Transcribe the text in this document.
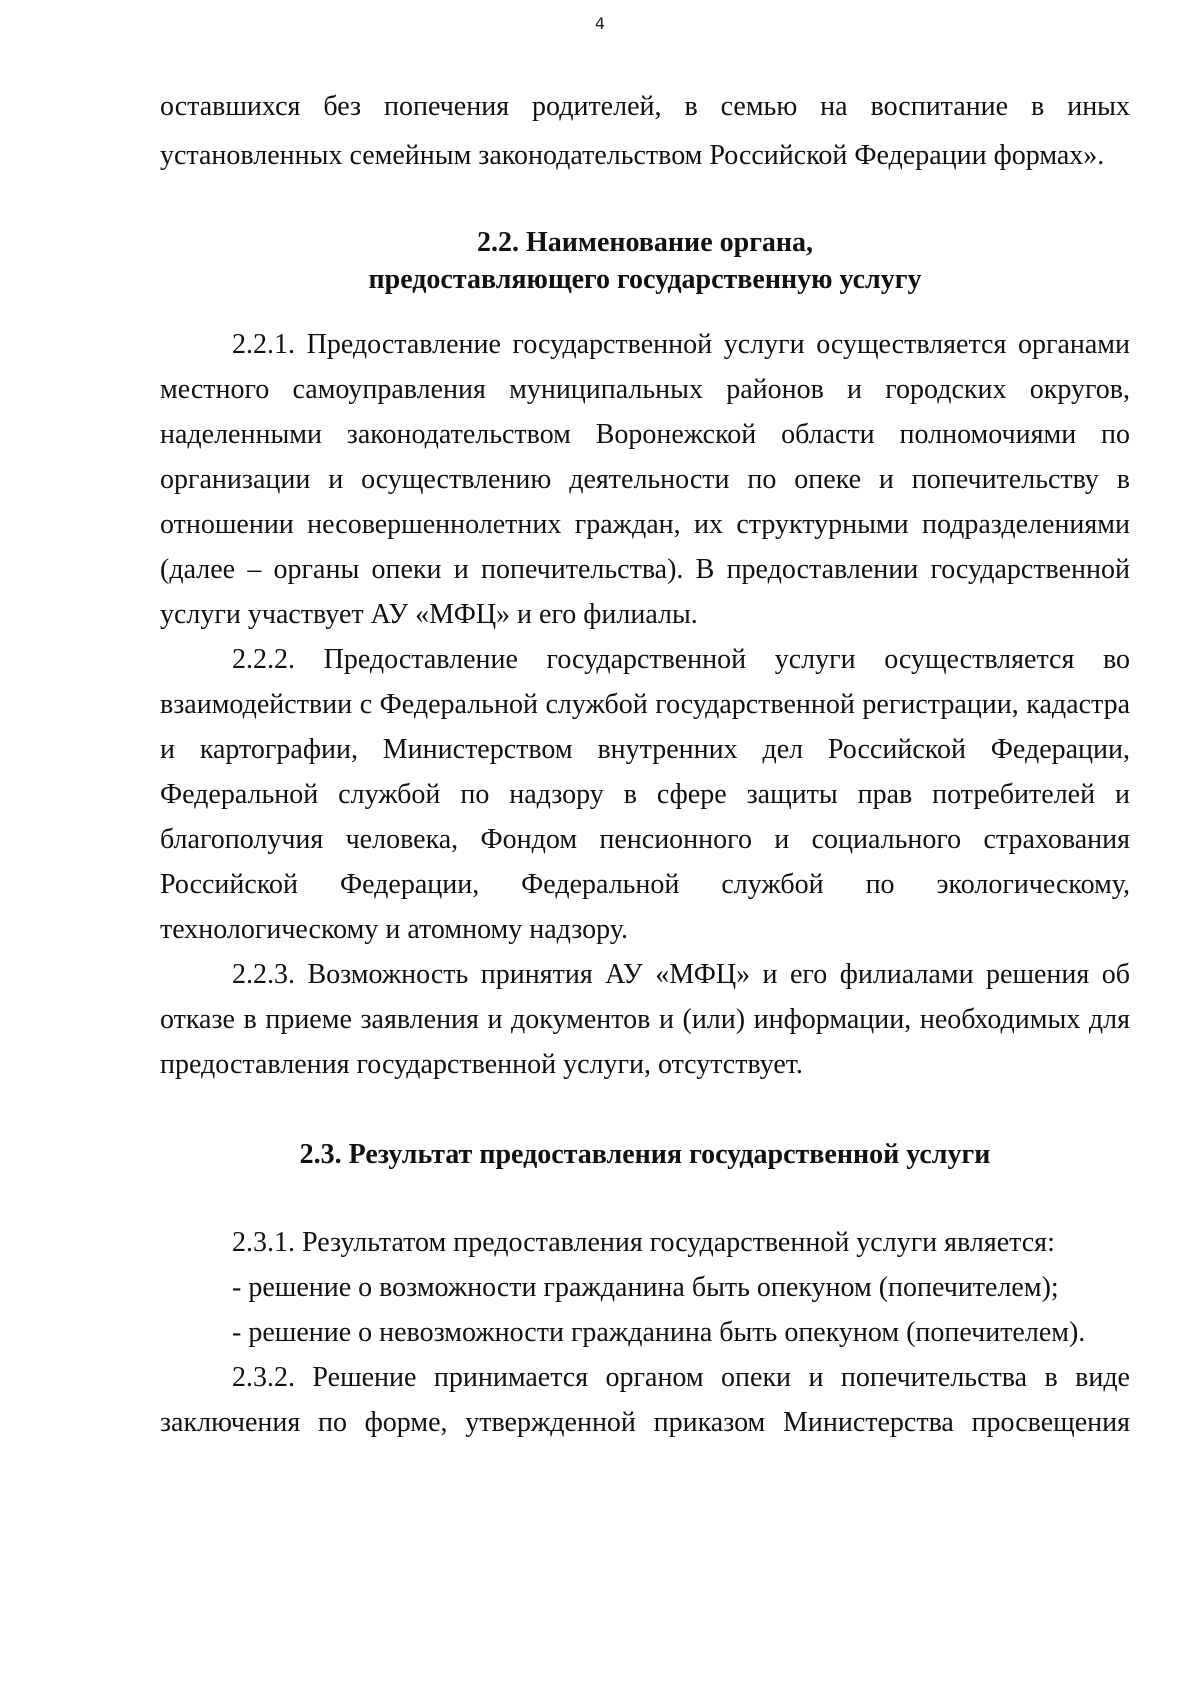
4

оставшихся без попечения родителей, в семью на воспитание в иных установленных семейным законодательством Российской Федерации формах».

2.2. Наименование органа,
предоставляющего государственную услугу

2.2.1. Предоставление государственной услуги осуществляется органами местного самоуправления муниципальных районов и городских округов, наделенными законодательством Воронежской области полномочиями по организации и осуществлению деятельности по опеке и попечительству в отношении несовершеннолетних граждан, их структурными подразделениями (далее – органы опеки и попечительства). В предоставлении государственной услуги участвует АУ «МФЦ» и его филиалы.

2.2.2. Предоставление государственной услуги осуществляется во взаимодействии с Федеральной службой государственной регистрации, кадастра и картографии, Министерством внутренних дел Российской Федерации, Федеральной службой по надзору в сфере защиты прав потребителей и благополучия человека, Фондом пенсионного и социального страхования Российской Федерации, Федеральной службой по экологическому, технологическому и атомному надзору.

2.2.3. Возможность принятия АУ «МФЦ» и его филиалами решения об отказе в приеме заявления и документов и (или) информации, необходимых для предоставления государственной услуги, отсутствует.

2.3. Результат предоставления государственной услуги

2.3.1. Результатом предоставления государственной услуги является:

- решение о возможности гражданина быть опекуном (попечителем);

- решение о невозможности гражданина быть опекуном (попечителем).

2.3.2. Решение принимается органом опеки и попечительства в виде заключения по форме, утвержденной приказом Министерства просвещения
